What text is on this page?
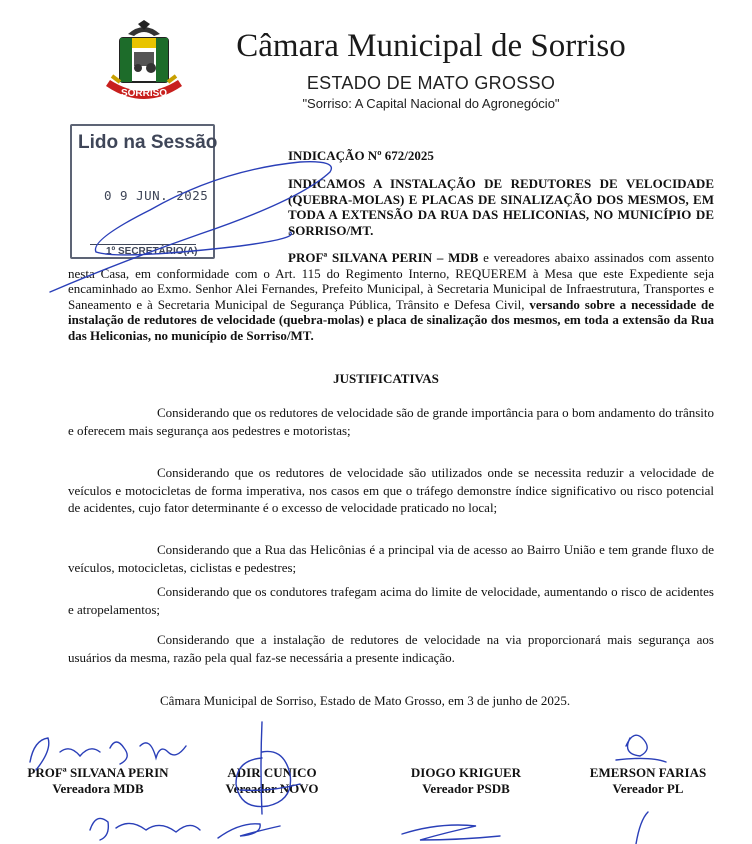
SORRISO
Câmara Municipal de Sorriso
ESTADO DE MATO GROSSO
"Sorriso: A Capital Nacional do Agronegócio"
Lido na Sessão
0 9 JUN. 2025
1º SECRETÁRIO(A)
INDICAÇÃO Nº 672/2025
INDICAMOS A INSTALAÇÃO DE REDUTORES DE VELOCIDADE (QUEBRA-MOLAS) E PLACAS DE SINALIZAÇÃO DOS MESMOS, EM TODA A EXTENSÃO DA RUA DAS HELICONIAS, NO MUNICÍPIO DE SORRISO/MT.
PROFª SILVANA PERIN – MDB e vereadores abaixo assinados com assento nesta Casa, em conformidade com o Art. 115 do Regimento Interno, REQUEREM à Mesa que este Expediente seja encaminhado ao Exmo. Senhor Alei Fernandes, Prefeito Municipal, à Secretaria Municipal de Infraestrutura, Transportes e Saneamento e à Secretaria Municipal de Segurança Pública, Trânsito e Defesa Civil, versando sobre a necessidade de instalação de redutores de velocidade (quebra-molas) e placa de sinalização dos mesmos, em toda a extensão da Rua das Heliconias, no município de Sorriso/MT.
JUSTIFICATIVAS
Considerando que os redutores de velocidade são de grande importância para o bom andamento do trânsito e oferecem mais segurança aos pedestres e motoristas;
Considerando que os redutores de velocidade são utilizados onde se necessita reduzir a velocidade de veículos e motocicletas de forma imperativa, nos casos em que o tráfego demonstre índice significativo ou risco potencial de acidentes, cujo fator determinante é o excesso de velocidade praticado no local;
Considerando que a Rua das Helicônias é a principal via de acesso ao Bairro União e tem grande fluxo de veículos, motocicletas, ciclistas e pedestres;
Considerando que os condutores trafegam acima do limite de velocidade, aumentando o risco de acidentes e atropelamentos;
Considerando que a instalação de redutores de velocidade na via proporcionará mais segurança aos usuários da mesma, razão pela qual faz-se necessária a presente indicação.
Câmara Municipal de Sorriso, Estado de Mato Grosso, em 3 de junho de 2025.
PROFª SILVANA PERIN
Vereadora MDB
ADIR CUNICO
Vereador NOVO
DIOGO KRIGUER
Vereador PSDB
EMERSON FARIAS
Vereador PL
